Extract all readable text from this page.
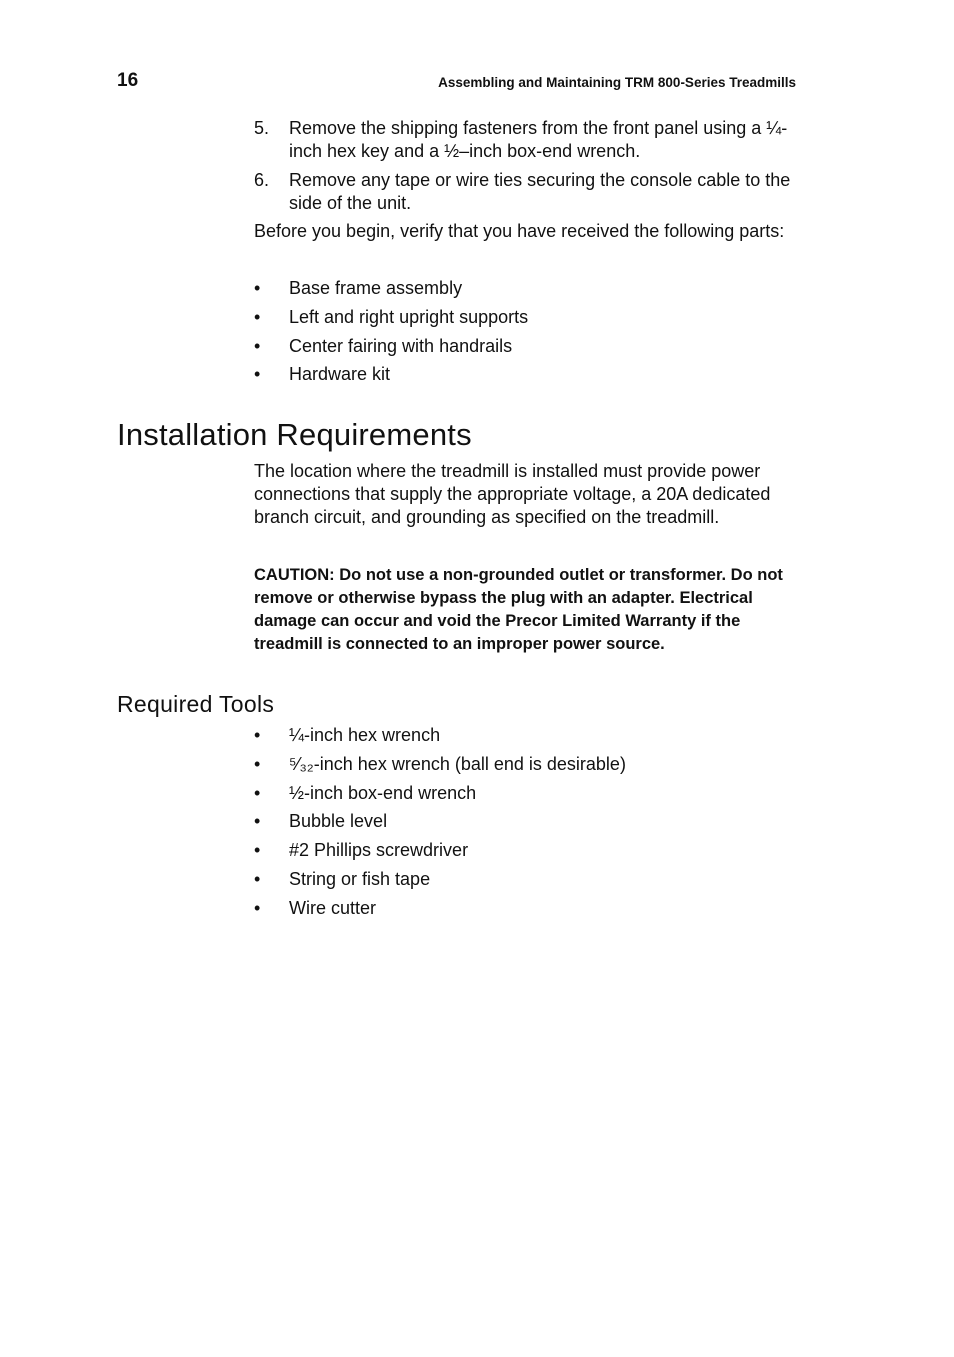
16	Assembling and Maintaining TRM 800-Series Treadmills
5. Remove the shipping fasteners from the front panel using a ¼-inch hex key and a ½–inch box-end wrench.
6. Remove any tape or wire ties securing the console cable to the side of the unit.

Before you begin, verify that you have received the following parts:

• Base frame assembly
• Left and right upright supports
• Center fairing with handrails
• Hardware kit
Installation Requirements

The location where the treadmill is installed must provide power connections that supply the appropriate voltage, a 20A dedicated branch circuit, and grounding as specified on the treadmill.

CAUTION: Do not use a non-grounded outlet or transformer. Do not remove or otherwise bypass the plug with an adapter. Electrical damage can occur and void the Precor Limited Warranty if the treadmill is connected to an improper power source.

Required Tools
• ¼-inch hex wrench
• ⁵⁄₃₂-inch hex wrench (ball end is desirable)
• ½-inch box-end wrench
• Bubble level
• #2 Phillips screwdriver
• String or fish tape
• Wire cutter
